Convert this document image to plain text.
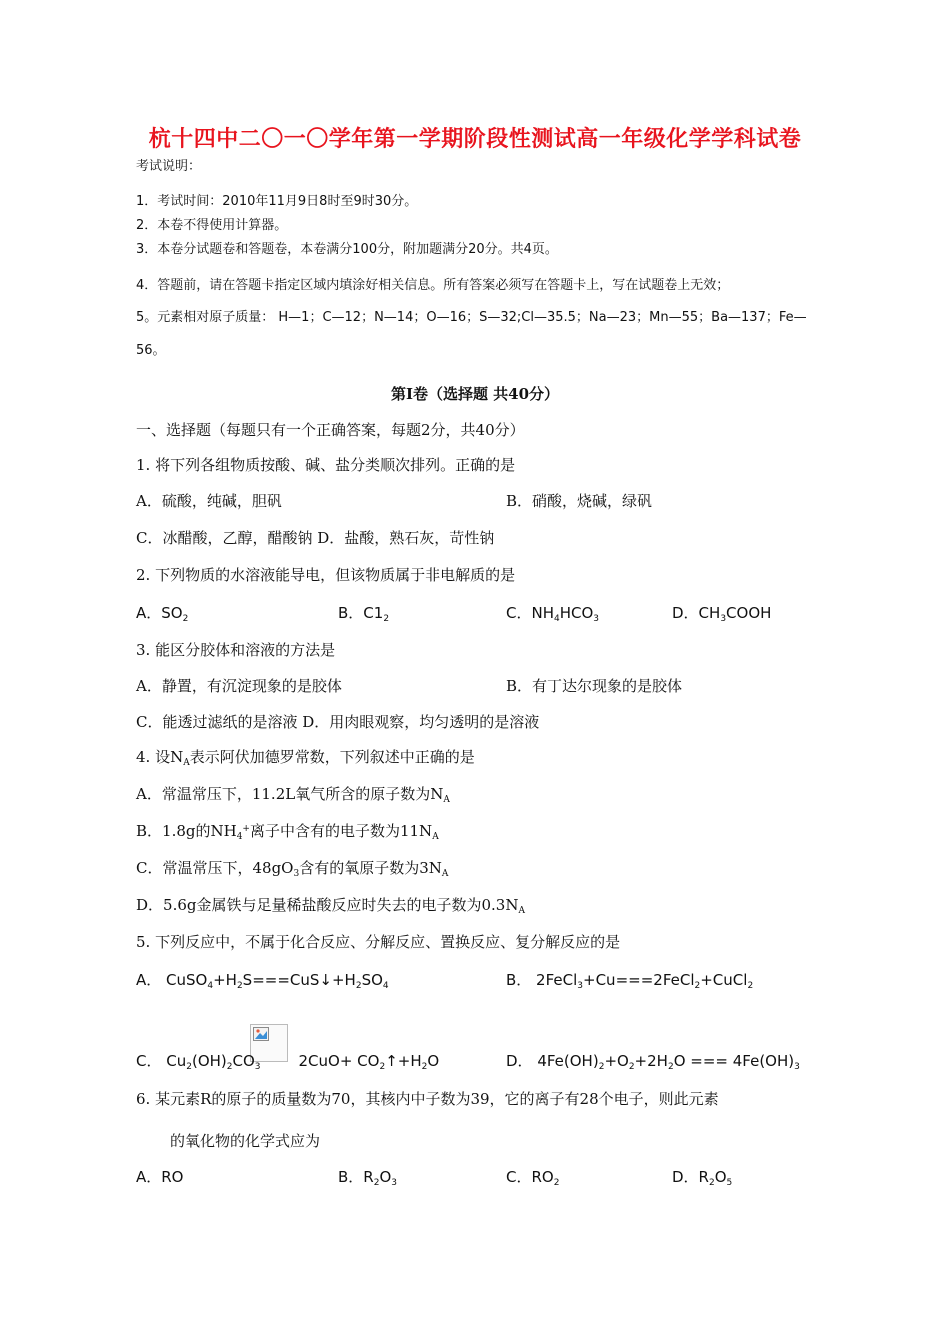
杭十四中二〇一〇学年第一学期阶段性测试高一年级化学学科试卷
考试说明：
1．考试时间：2010年11月9日8时至9时30分。
2．本卷不得使用计算器。
3．本卷分试题卷和答题卷，本卷满分100分，附加题满分20分。共4页。
4．答题前，请在答题卡指定区域内填涂好相关信息。所有答案必须写在答题卡上，写在试题卷上无效；
5。元素相对原子质量： H—1；C—12；N—14；O—16；S—32;Cl—35.5；Na—23；Mn—55；Ba—137；Fe—
56。
第Ⅰ卷（选择题 共40分）
一、选择题（每题只有一个正确答案，每题2分，共40分）
1. 将下列各组物质按酸、碱、盐分类顺次排列。正确的是
A．硫酸，纯碱，胆矾	B．硝酸，烧碱，绿矾
C．冰醋酸，乙醇，醋酸钠 D．盐酸，熟石灰，苛性钠
2. 下列物质的水溶液能导电，但该物质属于非电解质的是
A．$SO_2$	B．$C1_2$	C．$NH_4HCO_3$	D．$CH_3COOH$
3. 能区分胶体和溶液的方法是
A．静置，有沉淀现象的是胶体	B．有丁达尔现象的是胶体
C．能透过滤纸的是溶液 D．用肉眼观察，均匀透明的是溶液
4. 设$N_A$表示阿伏加德罗常数，下列叙述中正确的是
A．常温常压下，11.2L氧气所含的原子数为$N_A$
B．1.8g的$NH_4^+$离子中含有的电子数为$11N_A$
C．常温常压下，$48gO_3$含有的氧原子数为$3N_A$
D．5.6g金属铁与足量稀盐酸反应时失去的电子数为$0.3N_A$
5. 下列反应中，不属于化合反应、分解反应、置换反应、复分解反应的是
A． $CuSO_4+H_2S===CuS↓+H_2SO_4$	B． 2FeCl$_3$+Cu===2FeCl$_2$+CuCl$_2$
C． $Cu_2(OH)_2CO_3$	$2CuO+ CO_2↑+H_2O$	D． $4Fe(OH)_2+O_2+2H_2O$ === $4Fe(OH)_3$
6. 某元素R的原子的质量数为70，其核内中子数为39，它的离子有28个电子，则此元素
的氧化物的化学式应为
A．RO	B．$R_2O_3$	C．$RO_2$	D．$R_2O_5$
